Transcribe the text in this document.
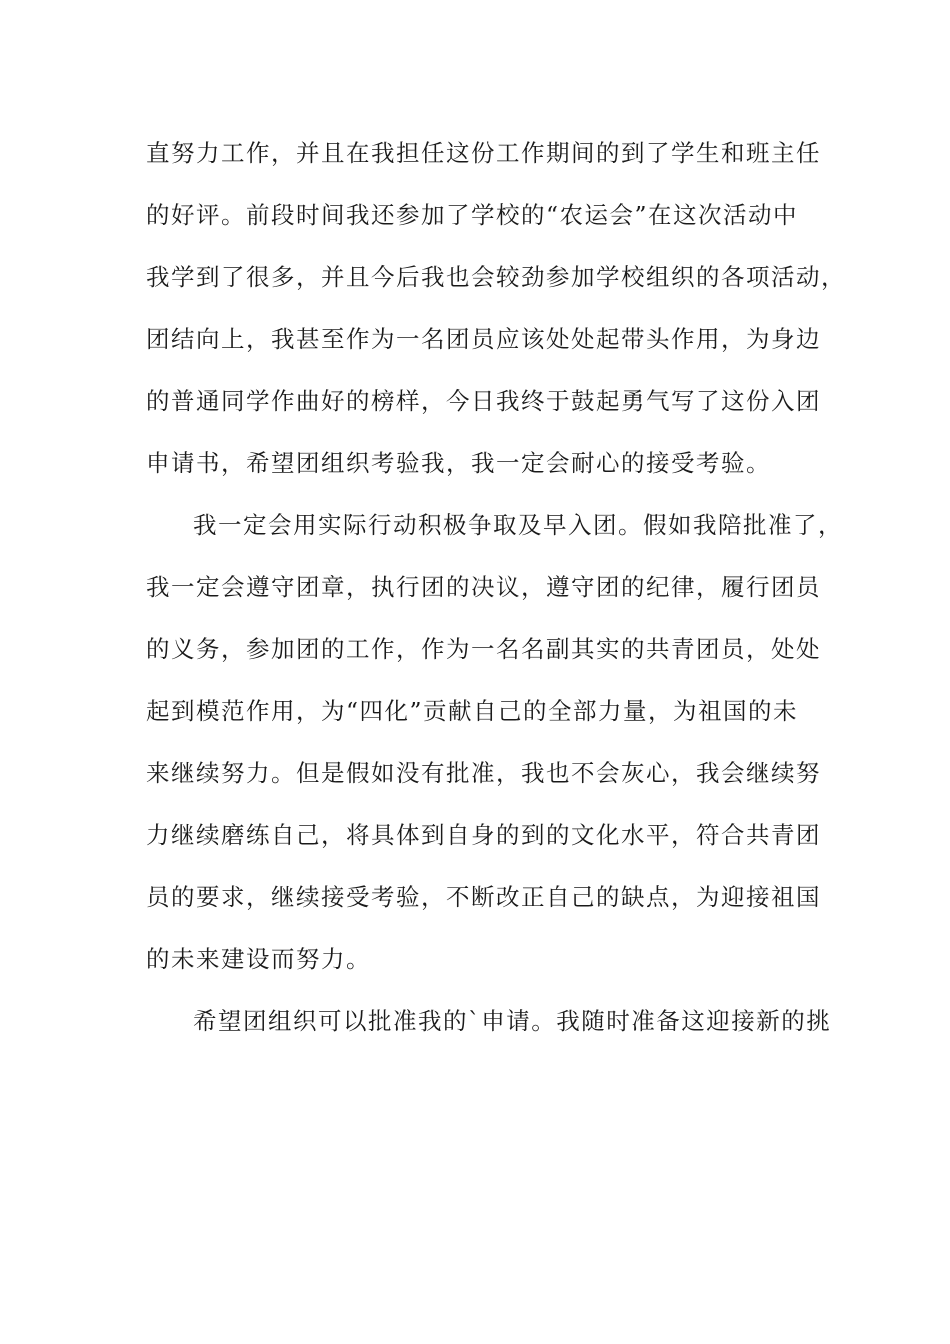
直努力工作，并且在我担任这份工作期间的到了学生和班主任
的好评。前段时间我还参加了学校的“农运会”在这次活动中
我学到了很多，并且今后我也会较劲参加学校组织的各项活动，
团结向上，我甚至作为一名团员应该处处起带头作用，为身边
的普通同学作曲好的榜样，今日我终于鼓起勇气写了这份入团
申请书，希望团组织考验我，我一定会耐心的接受考验。
我一定会用实际行动积极争取及早入团。假如我陪批准了，
我一定会遵守团章，执行团的决议，遵守团的纪律，履行团员
的义务，参加团的工作，作为一名名副其实的共青团员，处处
起到模范作用，为“四化”贡献自己的全部力量，为祖国的未
来继续努力。但是假如没有批准，我也不会灰心，我会继续努
力继续磨练自己，将具体到自身的到的文化水平，符合共青团
员的要求，继续接受考验，不断改正自己的缺点，为迎接祖国
的未来建设而努力。
希望团组织可以批准我的`申请。我随时准备这迎接新的挑
